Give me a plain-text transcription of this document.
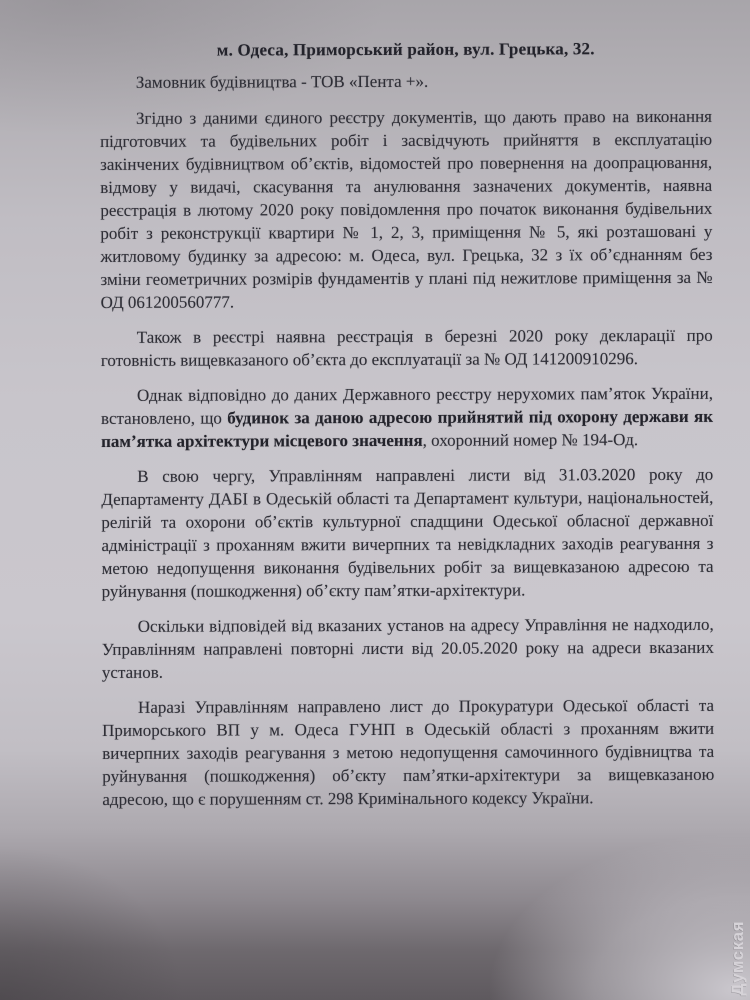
м. Одеса, Приморський район, вул. Грецька, 32.

Замовник будівництва - ТОВ «Пента +».

Згідно з даними єдиного реєстру документів, що дають право на виконання підготовчих та будівельних робіт і засвідчують прийняття в експлуатацію закінчених будівництвом об’єктів, відомостей про повернення на доопрацювання, відмову у видачі, скасування та анулювання зазначених документів, наявна реєстрація в лютому 2020 року повідомлення про початок виконання будівельних робіт з реконструкції квартири № 1, 2, 3, приміщення № 5, які розташовані у житловому будинку за адресою: м. Одеса, вул. Грецька, 32 з їх об’єднанням без зміни геометричних розмірів фундаментів у плані під нежитлове приміщення за № ОД 061200560777.

Також в реєстрі наявна реєстрація в березні 2020 року декларації про готовність вищевказаного об’єкта до експлуатації за № ОД 141200910296.

Однак відповідно до даних Державного реєстру нерухомих пам’яток України, встановлено, що будинок за даною адресою прийнятий під охорону держави як пам’ятка архітектури місцевого значення, охоронний номер № 194-Од.

В свою чергу, Управлінням направлені листи від 31.03.2020 року до Департаменту ДАБІ в Одеській області та Департамент культури, національностей, релігій та охорони об’єктів культурної спадщини Одеської обласної державної адміністрації з проханням вжити вичерпних та невідкладних заходів реагування з метою недопущення виконання будівельних робіт за вищевказаною адресою та руйнування (пошкодження) об’єкту пам’ятки-архітектури.

Оскільки відповідей від вказаних установ на адресу Управління не надходило, Управлінням направлені повторні листи від 20.05.2020 року на адреси вказаних установ.

Наразі Управлінням направлено лист до Прокуратури Одеської області та Приморського ВП у м. Одеса ГУНП в Одеській області з проханням вжити вичерпних заходів реагування з метою недопущення самочинного будівництва та руйнування (пошкодження) об’єкту пам’ятки-архітектури за вищевказаною адресою, що є порушенням ст. 298 Кримінального кодексу України.

Думская
